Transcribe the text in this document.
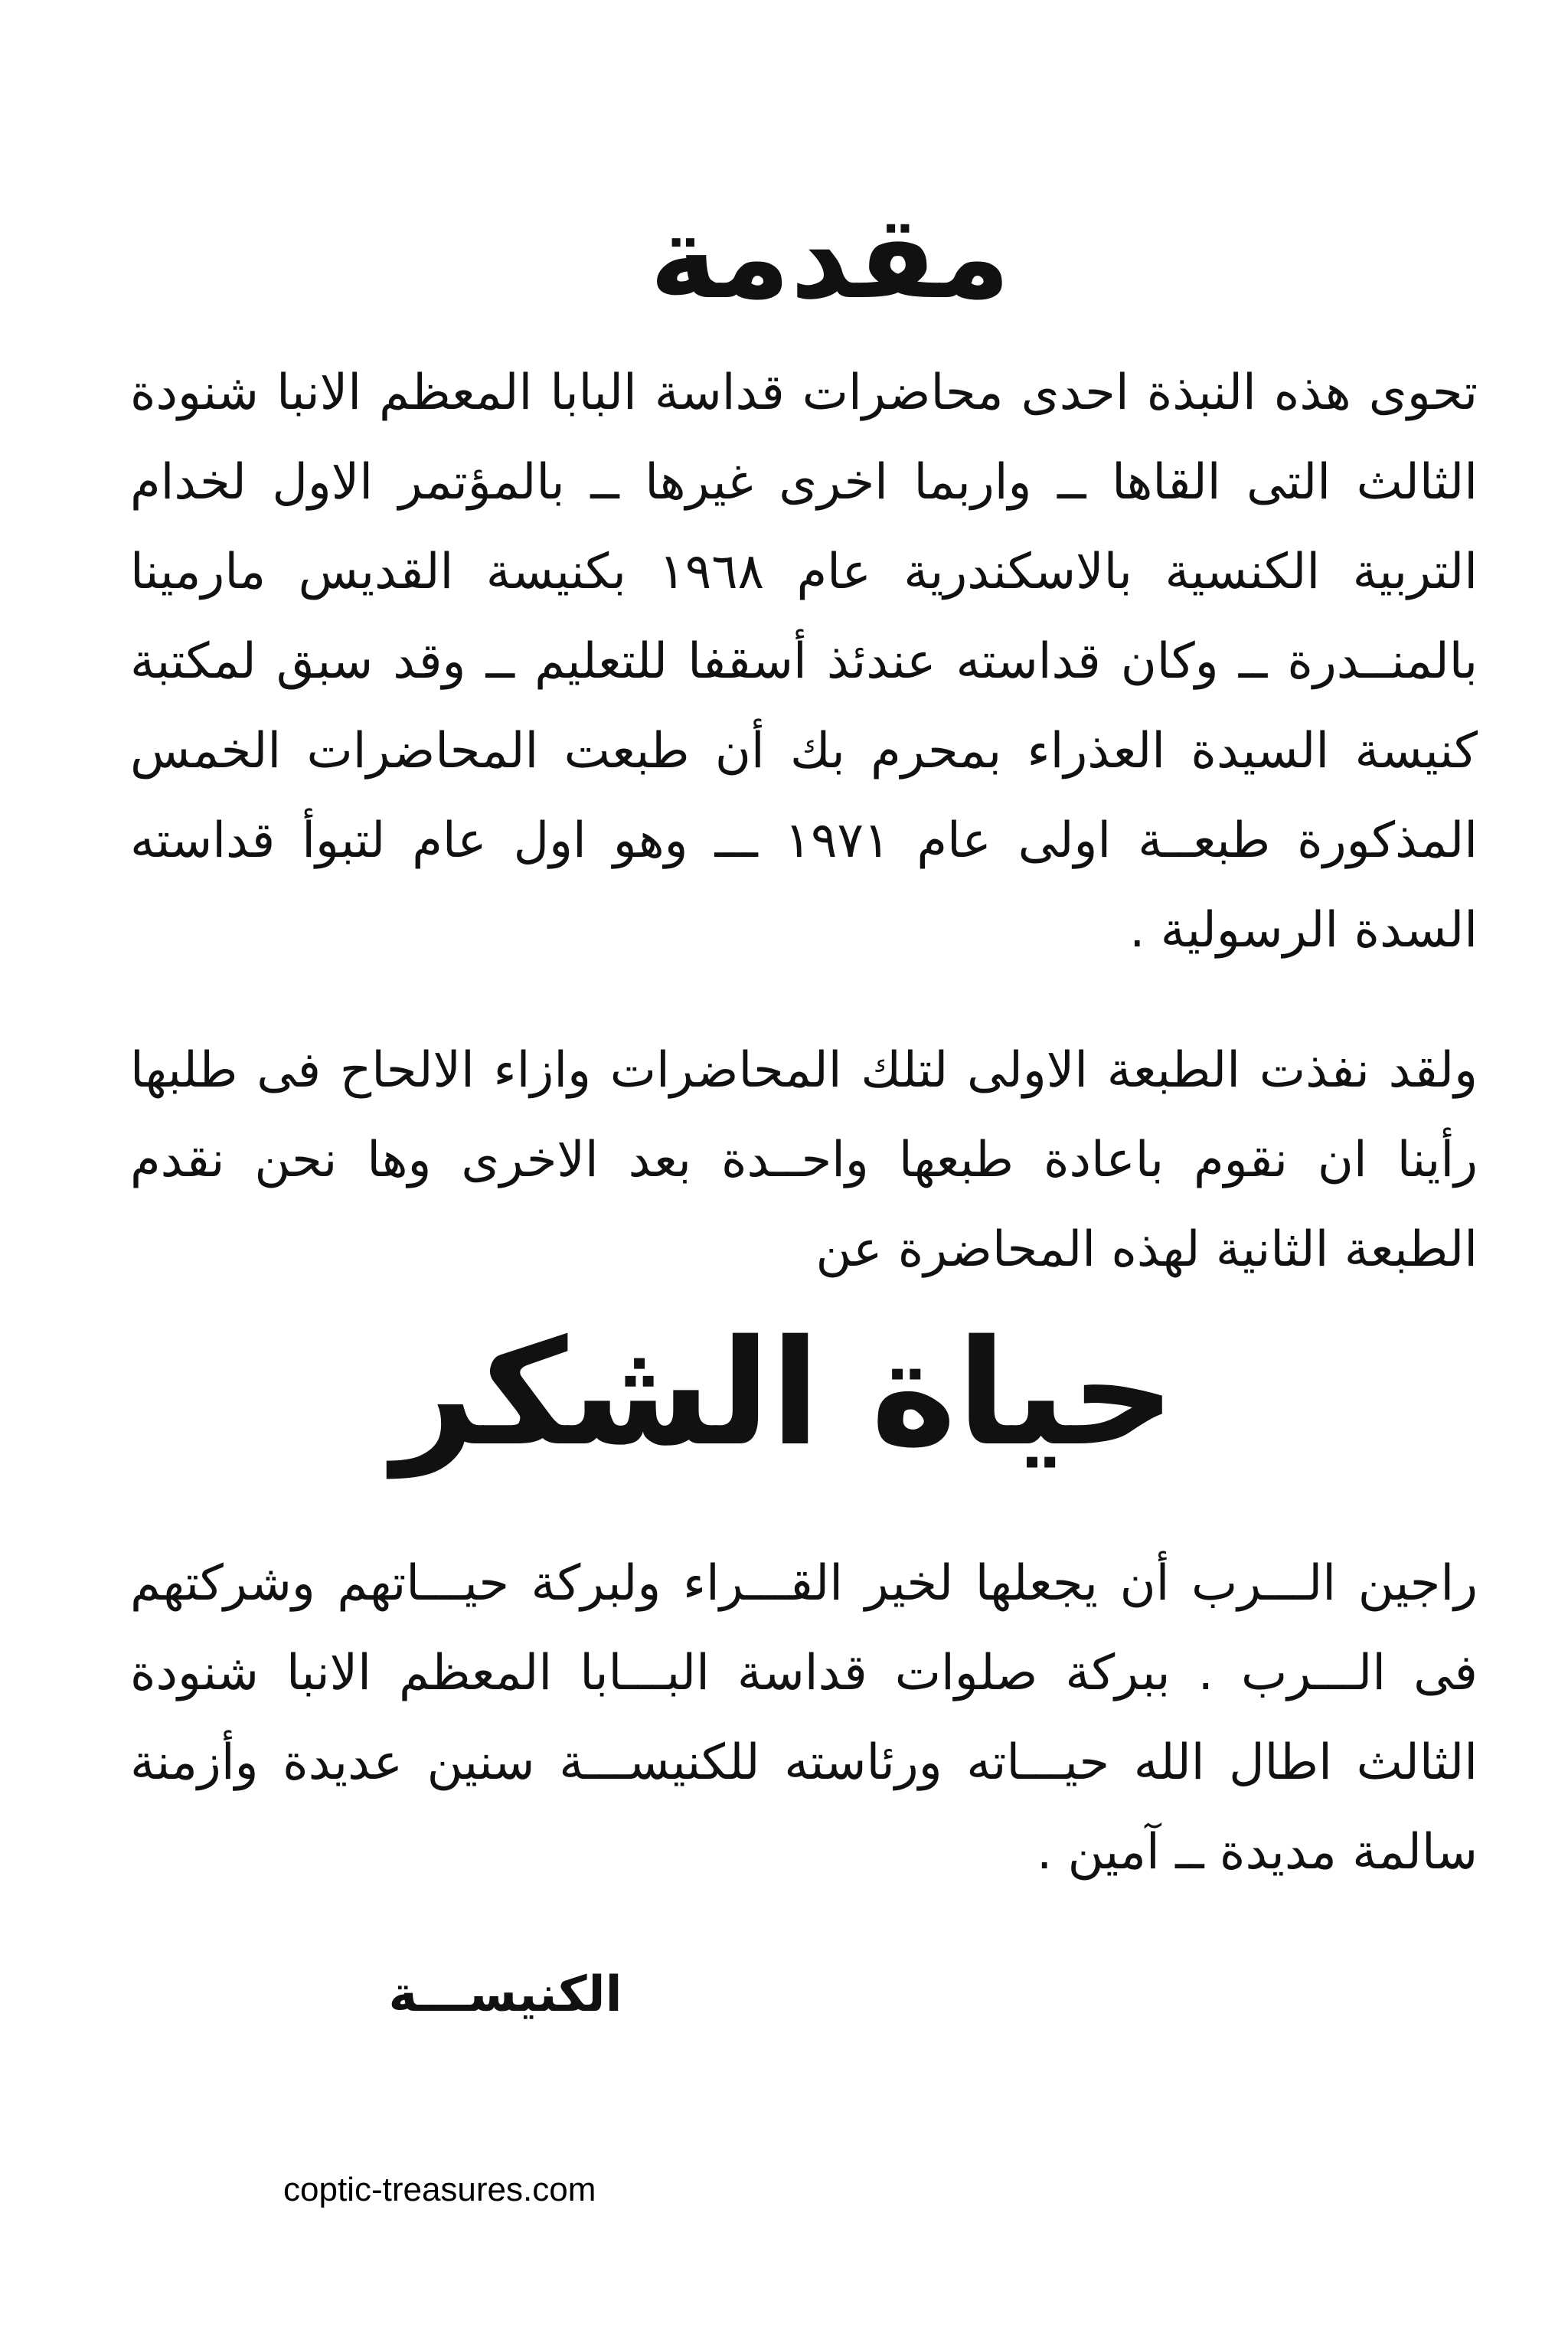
مقدمة

تحوى هذه النبذة احدى محاضرات قداسة البابا المعظم الانبا شنودة الثالث التى القاها ــ واربما اخرى غيرها ــ بالمؤتمر الاول لخدام التربية الكنسية بالاسكندرية عام ١٩٦٨ بكنيسة القديس مارمينا بالمنــدرة ــ وكان قداسته عندئذ أسقفا للتعليم ــ وقد سبق لمكتبة كنيسة السيدة العذراء بمحرم بك أن طبعت المحاضرات الخمس المذكورة طبعــة اولى عام ١٩٧١ ـــ وهو اول عام لتبوأ قداسته السدة الرسولية .

ولقد نفذت الطبعة الاولى لتلك المحاضرات وازاء الالحاح فى طلبها رأينا ان نقوم باعادة طبعها واحــدة بعد الاخرى وها نحن نقدم الطبعة الثانية لهذه المحاضرة عن

حياة الشكر

راجين الـــرب أن يجعلها لخير القـــراء ولبركة حيـــاتهم وشركتهم فى الـــرب . ببركة صلوات قداسة البـــابا المعظم الانبا شنودة الثالث اطال الله حيـــاته ورئاسته للكنيســـة سنين عديدة وأزمنة سالمة مديدة ــ آمين .

الكنيســـة
coptic-treasures.com
